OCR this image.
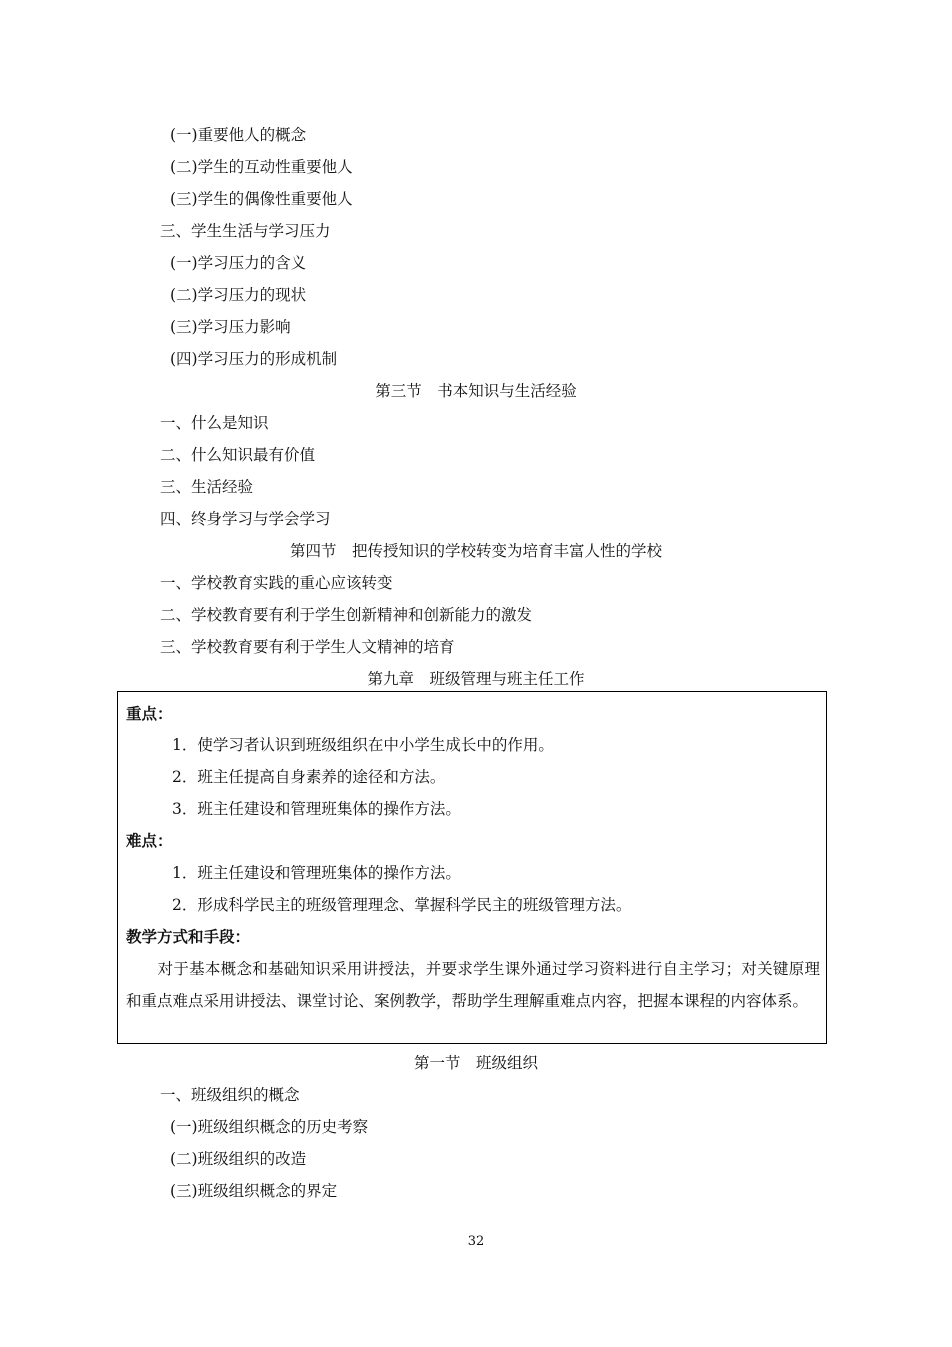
(一)重要他人的概念
(二)学生的互动性重要他人
(三)学生的偶像性重要他人
三、学生生活与学习压力
(一)学习压力的含义
(二)学习压力的现状
(三)学习压力影响
(四)学习压力的形成机制
第三节　书本知识与生活经验
一、什么是知识
二、什么知识最有价值
三、生活经验
四、终身学习与学会学习
第四节　把传授知识的学校转变为培育丰富人性的学校
一、学校教育实践的重心应该转变
二、学校教育要有利于学生创新精神和创新能力的激发
三、学校教育要有利于学生人文精神的培育
第九章　班级管理与班主任工作
重点：
1．使学习者认识到班级组织在中小学生成长中的作用。
2．班主任提高自身素养的途径和方法。
3．班主任建设和管理班集体的操作方法。
难点：
1．班主任建设和管理班集体的操作方法。
2．形成科学民主的班级管理理念、掌握科学民主的班级管理方法。
教学方式和手段：
　　对于基本概念和基础知识采用讲授法，并要求学生课外通过学习资料进行自主学习；对关键原理和重点难点采用讲授法、课堂讨论、案例教学，帮助学生理解重难点内容，把握本课程的内容体系。
第一节　班级组织
一、班级组织的概念
(一)班级组织概念的历史考察
(二)班级组织的改造
(三)班级组织概念的界定
32
